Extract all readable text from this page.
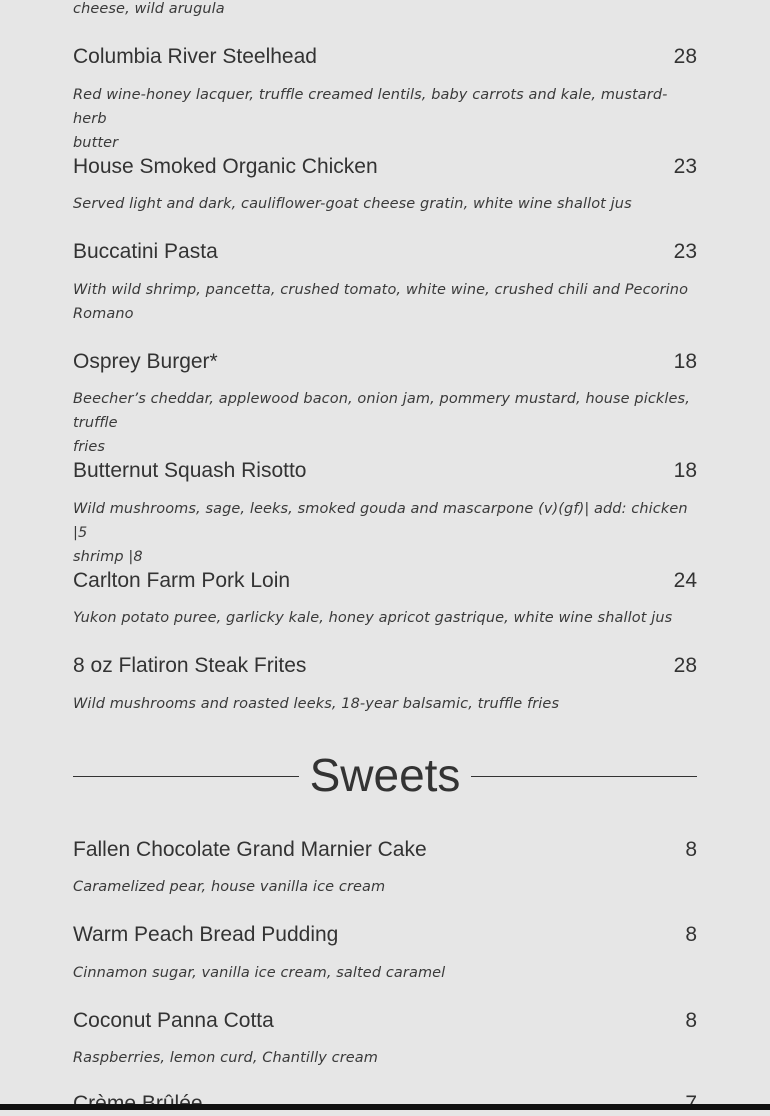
cheese, wild arugula
Columbia River Steelhead	28
Red wine-honey lacquer, truffle creamed lentils, baby carrots and kale, mustard-herb
butter
House Smoked Organic Chicken	23
Served light and dark, cauliflower-goat cheese gratin, white wine shallot jus
Buccatini Pasta	23
With wild shrimp, pancetta, crushed tomato, white wine, crushed chili and Pecorino
Romano
Osprey Burger*	18
Beecher’s cheddar, applewood bacon, onion jam, pommery mustard, house pickles, truffle
fries
Butternut Squash Risotto	18
Wild mushrooms, sage, leeks, smoked gouda and mascarpone (v)(gf)| add: chicken |5
shrimp |8
Carlton Farm Pork Loin	24
Yukon potato puree, garlicky kale, honey apricot gastrique, white wine shallot jus
8 oz Flatiron Steak Frites	28
Wild mushrooms and roasted leeks, 18-year balsamic, truffle fries
Sweets
Fallen Chocolate Grand Marnier Cake	8
Caramelized pear, house vanilla ice cream
Warm Peach Bread Pudding	8
Cinnamon sugar, vanilla ice cream, salted caramel
Coconut Panna Cotta	8
Raspberries, lemon curd, Chantilly cream
